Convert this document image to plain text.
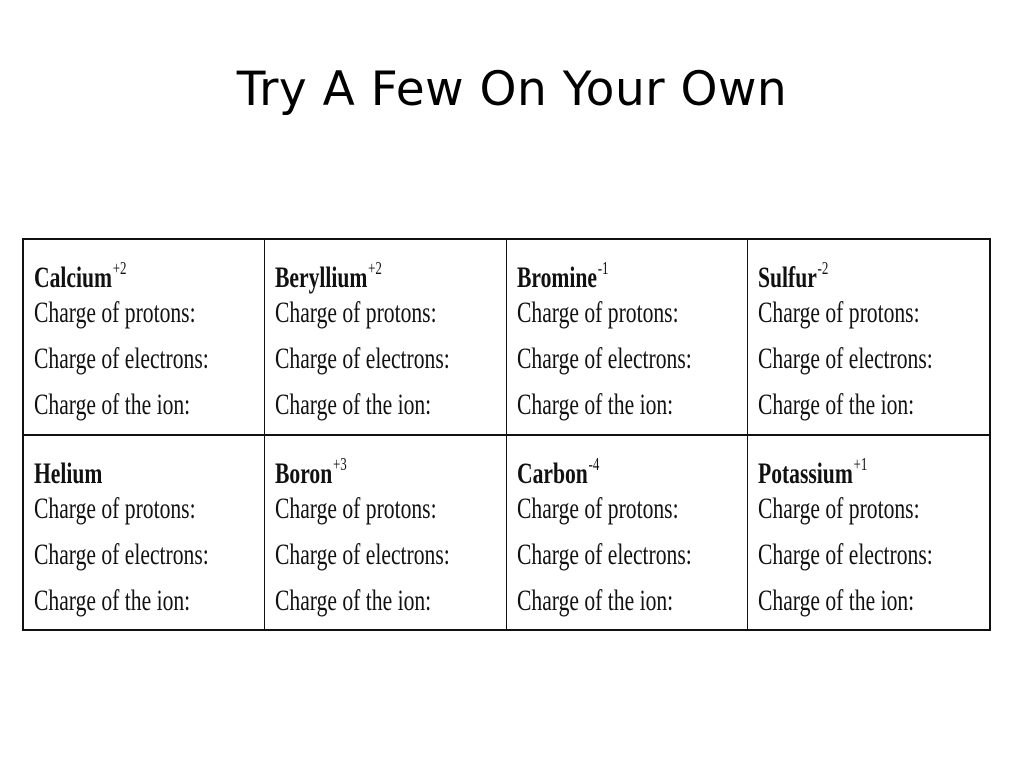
Try A Few On Your Own
Calcium$^{+2}$
Charge of protons:
Charge of electrons:
Charge of the ion:
Beryllium$^{+2}$
Charge of protons:
Charge of electrons:
Charge of the ion:
Bromine$^{-1}$
Charge of protons:
Charge of electrons:
Charge of the ion:
Sulfur$^{-2}$
Charge of protons:
Charge of electrons:
Charge of the ion:
Helium
Charge of protons:
Charge of electrons:
Charge of the ion:
Boron$^{+3}$
Charge of protons:
Charge of electrons:
Charge of the ion:
Carbon$^{-4}$
Charge of protons:
Charge of electrons:
Charge of the ion:
Potassium$^{+1}$
Charge of protons:
Charge of electrons:
Charge of the ion:
